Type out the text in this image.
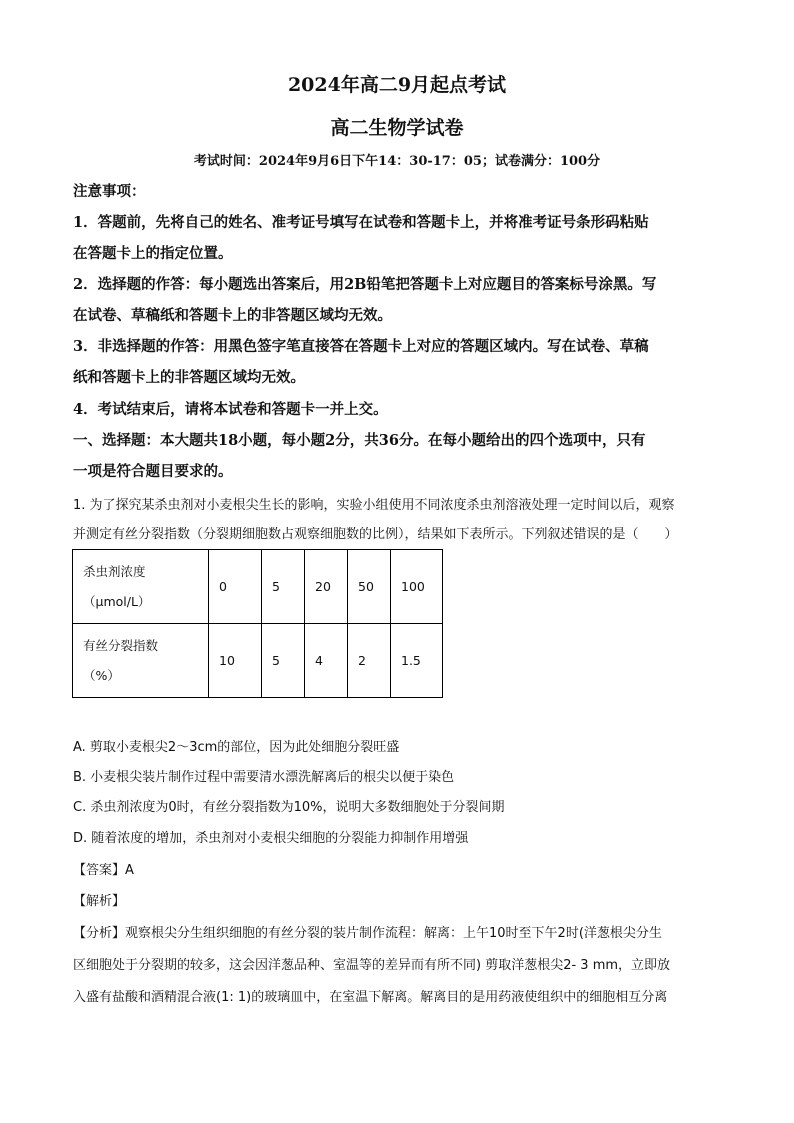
2024年高二9月起点考试
高二生物学试卷
考试时间：2024年9月6日下午14：30-17：05；试卷满分：100分
注意事项：
1．答题前，先将自己的姓名、准考证号填写在试卷和答题卡上，并将准考证号条形码粘贴
在答题卡上的指定位置。
2．选择题的作答：每小题选出答案后，用2B铅笔把答题卡上对应题目的答案标号涂黑。写
在试卷、草稿纸和答题卡上的非答题区域均无效。
3．非选择题的作答：用黑色签字笔直接答在答题卡上对应的答题区域内。写在试卷、草稿
纸和答题卡上的非答题区域均无效。
4．考试结束后，请将本试卷和答题卡一并上交。
一、选择题：本大题共18小题，每小题2分，共36分。在每小题给出的四个选项中，只有
一项是符合题目要求的。
1. 为了探究某杀虫剂对小麦根尖生长的影响，实验小组使用不同浓度杀虫剂溶液处理一定时间以后，观察
并测定有丝分裂指数（分裂期细胞数占观察细胞数的比例），结果如下表所示。下列叙述错误的是（　　）
杀虫剂浓度
（μmol/L）	0	5	20	50	100

有丝分裂指数
（%）	10	5	4	2	1.5
A. 剪取小麦根尖2～3cm的部位，因为此处细胞分裂旺盛
B. 小麦根尖装片制作过程中需要清水漂洗解离后的根尖以便于染色
C. 杀虫剂浓度为0时，有丝分裂指数为10%，说明大多数细胞处于分裂间期
D. 随着浓度的增加，杀虫剂对小麦根尖细胞的分裂能力抑制作用增强
【答案】A
【解析】
【分析】观察根尖分生组织细胞的有丝分裂的装片制作流程：解离：上午10时至下午2时(洋葱根尖分生
区细胞处于分裂期的较多，这会因洋葱品种、室温等的差异而有所不同) 剪取洋葱根尖2- 3 mm，立即放
入盛有盐酸和酒精混合液(1: 1)的玻璃皿中，在室温下解离。解离目的是用药液使组织中的细胞相互分离
